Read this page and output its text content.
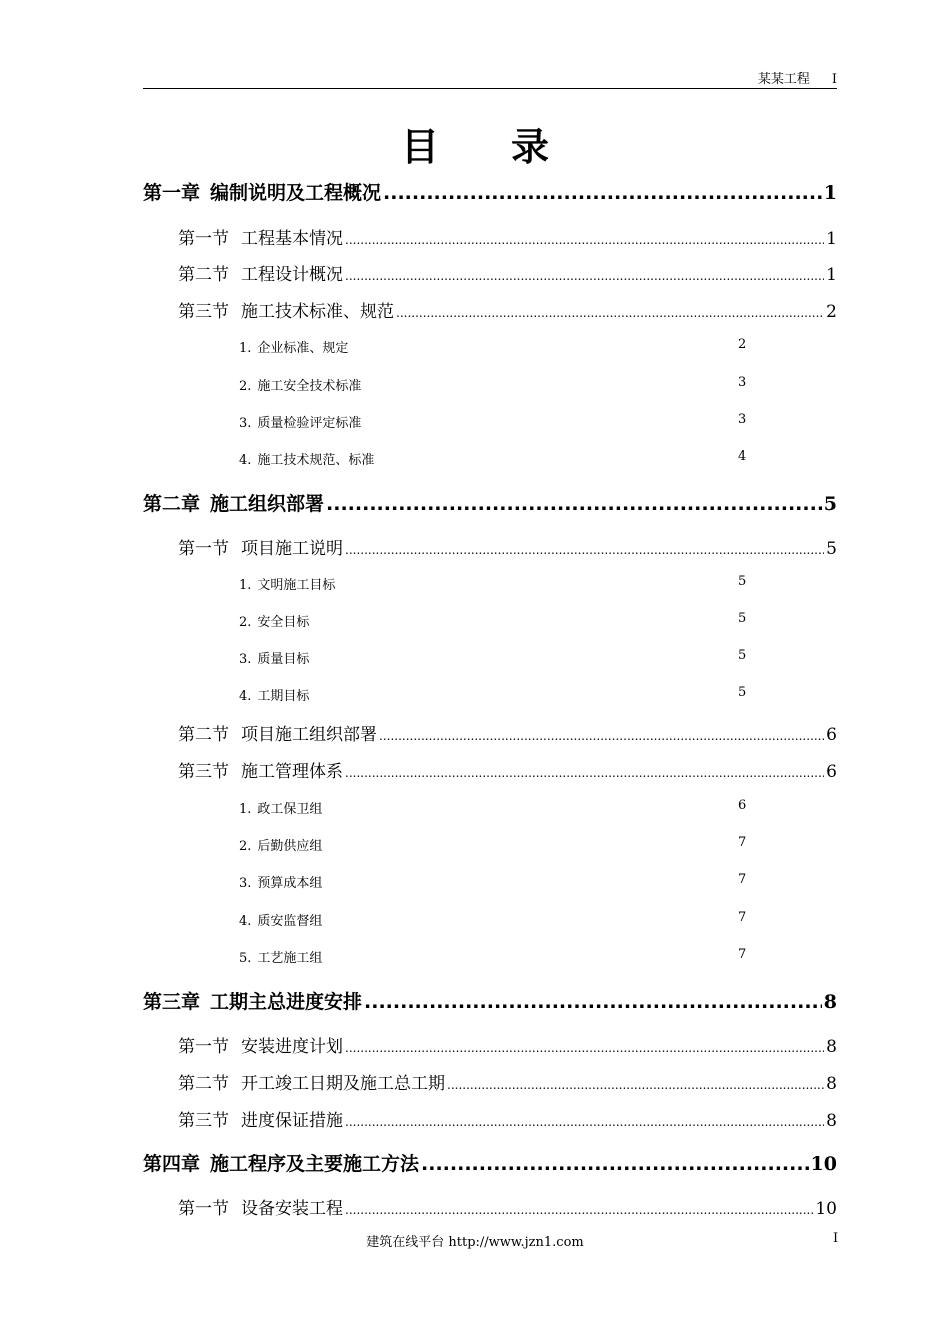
某某工程 I
目录
第一章 编制说明及工程概况 .....	1
第一节 工程基本情况 .....	1
第二节 工程设计概况 .....	1
第三节 施工技术标准、规范 .....	2
1. 企业标准、规定	2
2. 施工安全技术标准	3
3. 质量检验评定标准	3
4. 施工技术规范、标准	4
第二章 施工组织部署 .....	5
第一节 项目施工说明 .....	5
1. 文明施工目标	5
2. 安全目标	5
3. 质量目标	5
4. 工期目标	5
第二节 项目施工组织部署 .....	6
第三节 施工管理体系 .....	6
1. 政工保卫组	6
2. 后勤供应组	7
3. 预算成本组	7
4. 质安监督组	7
5. 工艺施工组	7
第三章 工期主总进度安排 .....	8
第一节 安装进度计划 .....	8
第二节 开工竣工日期及施工总工期 .....	8
第三节 进度保证措施 .....	8
第四章 施工程序及主要施工方法 .....	10
第一节 设备安装工程 .....	10
建筑在线平台 http://www.jzn1.com	I
